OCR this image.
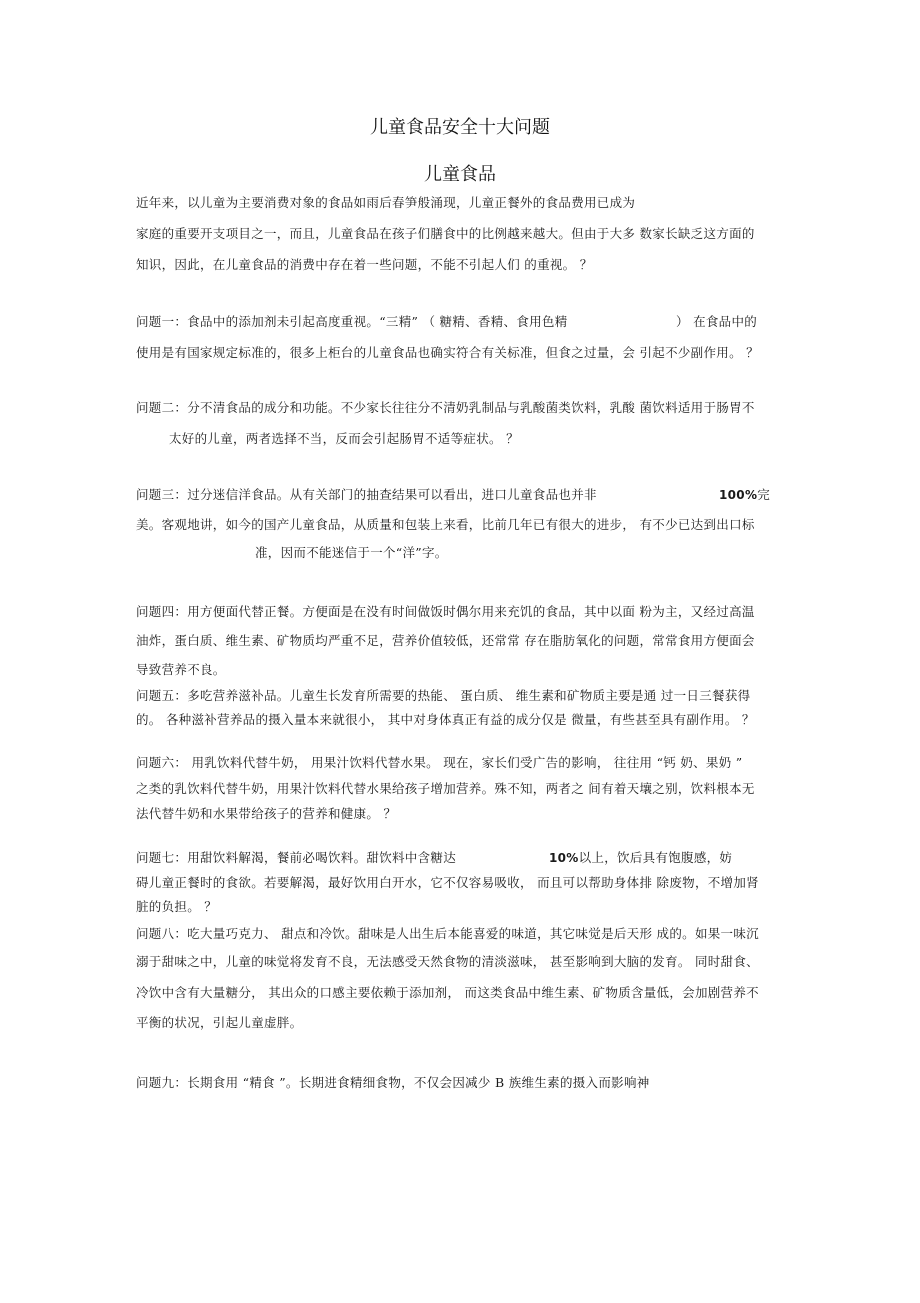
儿童食品安全十大问题
儿童食品
近年来，以儿童为主要消费对象的食品如雨后春笋般涌现，儿童正餐外的食品费用已成为
家庭的重要开支项目之一，而且，儿童食品在孩子们膳食中的比例越来越大。但由于大多 数家长缺乏这方面的
知识，因此，在儿童食品的消费中存在着一些问题，不能不引起人们 的重视。 ？
问题一：食品中的添加剂未引起高度重视。“三精” （ 糖精、香精、食用色精	） 在食品中的
使用是有国家规定标准的，很多上柜台的儿童食品也确实符合有关标准，但食之过量，会 引起不少副作用。 ？
问题二：分不清食品的成分和功能。不少家长往往分不清奶乳制品与乳酸菌类饮料，乳酸 菌饮料适用于肠胃不
太好的儿童，两者选择不当，反而会引起肠胃不适等症状。 ？
问题三：过分迷信洋食品。从有关部门的抽查结果可以看出，进口儿童食品也并非	100%完
美。客观地讲，如今的国产儿童食品，从质量和包装上来看，比前几年已有很大的进步， 有不少已达到出口标
准，因而不能迷信于一个“洋”字。
问题四：用方便面代替正餐。方便面是在没有时间做饭时偶尔用来充饥的食品，其中以面 粉为主，又经过高温
油炸，蛋白质、维生素、矿物质均严重不足，营养价值较低，还常常 存在脂肪氧化的问题，常常食用方便面会
导致营养不良。
问题五：多吃营养滋补品。儿童生长发育所需要的热能、 蛋白质、 维生素和矿物质主要是通 过一日三餐获得
的。 各种滋补营养品的摄入量本来就很小， 其中对身体真正有益的成分仅是 微量，有些甚至具有副作用。 ？
问题六： 用乳饮料代替牛奶， 用果汁饮料代替水果。 现在，家长们受广告的影响， 往往用 “钙 奶、果奶 ”
之类的乳饮料代替牛奶，用果汁饮料代替水果给孩子增加营养。殊不知，两者之 间有着天壤之别，饮料根本无
法代替牛奶和水果带给孩子的营养和健康。 ？
问题七：用甜饮料解渴，餐前必喝饮料。甜饮料中含糖达	10%以上，饮后具有饱腹感，妨
碍儿童正餐时的食欲。若要解渴，最好饮用白开水，它不仅容易吸收， 而且可以帮助身体排 除废物，不增加肾
脏的负担。 ？
问题八：吃大量巧克力、 甜点和冷饮。甜味是人出生后本能喜爱的味道，其它味觉是后天形 成的。如果一味沉
溺于甜味之中，儿童的味觉将发育不良，无法感受天然食物的清淡滋味， 甚至影响到大脑的发育。 同时甜食、
冷饮中含有大量糖分， 其出众的口感主要依赖于添加剂， 而这类食品中维生素、矿物质含量低，会加剧营养不
平衡的状况，引起儿童虚胖。
问题九：长期食用 “精食 ”。长期进食精细食物，不仅会因减少 B 族维生素的摄入而影响神
